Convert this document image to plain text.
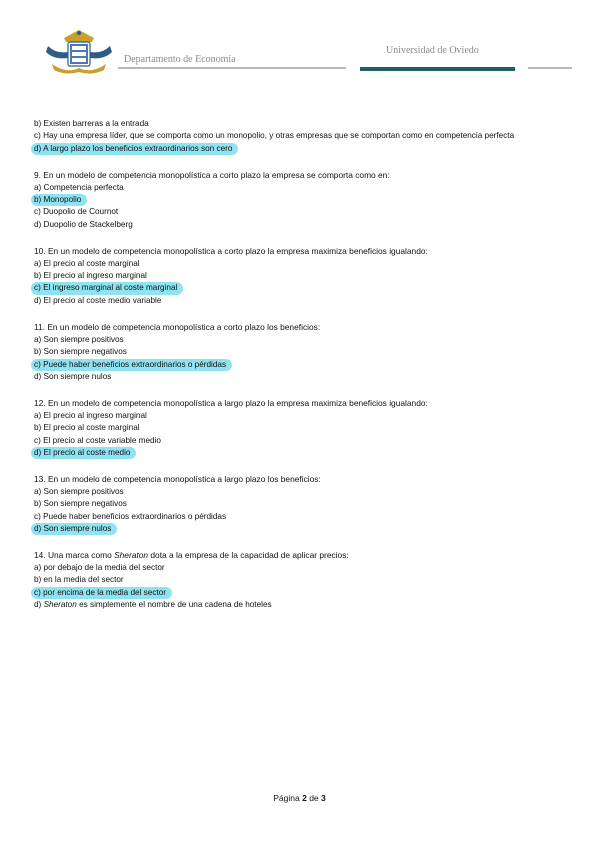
Departamento de Economía
Universidad de Oviedo
b) Existen barreras a la entrada
c) Hay una empresa líder, que se comporta como un monopolio, y otras empresas que se comportan como en competencia perfecta
d) A largo plazo los beneficios extraordinarios son cero
9. En un modelo de competencia monopolística a corto plazo la empresa se comporta como en:
a) Competencia perfecta
b) Monopolio
c) Duopolio de Cournot
d) Duopolio de Stackelberg
10. En un modelo de competencia monopolística a corto plazo la empresa maximiza beneficios igualando:
a) El precio al coste marginal
b) El precio al ingreso marginal
c) El ingreso marginal al coste marginal
d) El precio al coste medio variable
11. En un modelo de competencia monopolística a corto plazo los beneficios:
a) Son siempre positivos
b) Son siempre negativos
c) Puede haber beneficios extraordinarios o pérdidas
d) Son siempre nulos
12. En un modelo de competencia monopolística a largo plazo la empresa maximiza beneficios igualando:
a) El precio al ingreso marginal
b) El precio al coste marginal
c) El precio al coste variable medio
d) El precio al coste medio
13. En un modelo de competencia monopolística a largo plazo los beneficios:
a) Son siempre positivos
b) Son siempre negativos
c) Puede haber beneficios extraordinarios o pérdidas
d) Son siempre nulos
14. Una marca como Sheraton dota a la empresa de la capacidad de aplicar precios:
a) por debajo de la media del sector
b) en la media del sector
c) por encima de la media del sector
d) Sheraton es simplemente el nombre de una cadena de hoteles
Página 2 de 3
